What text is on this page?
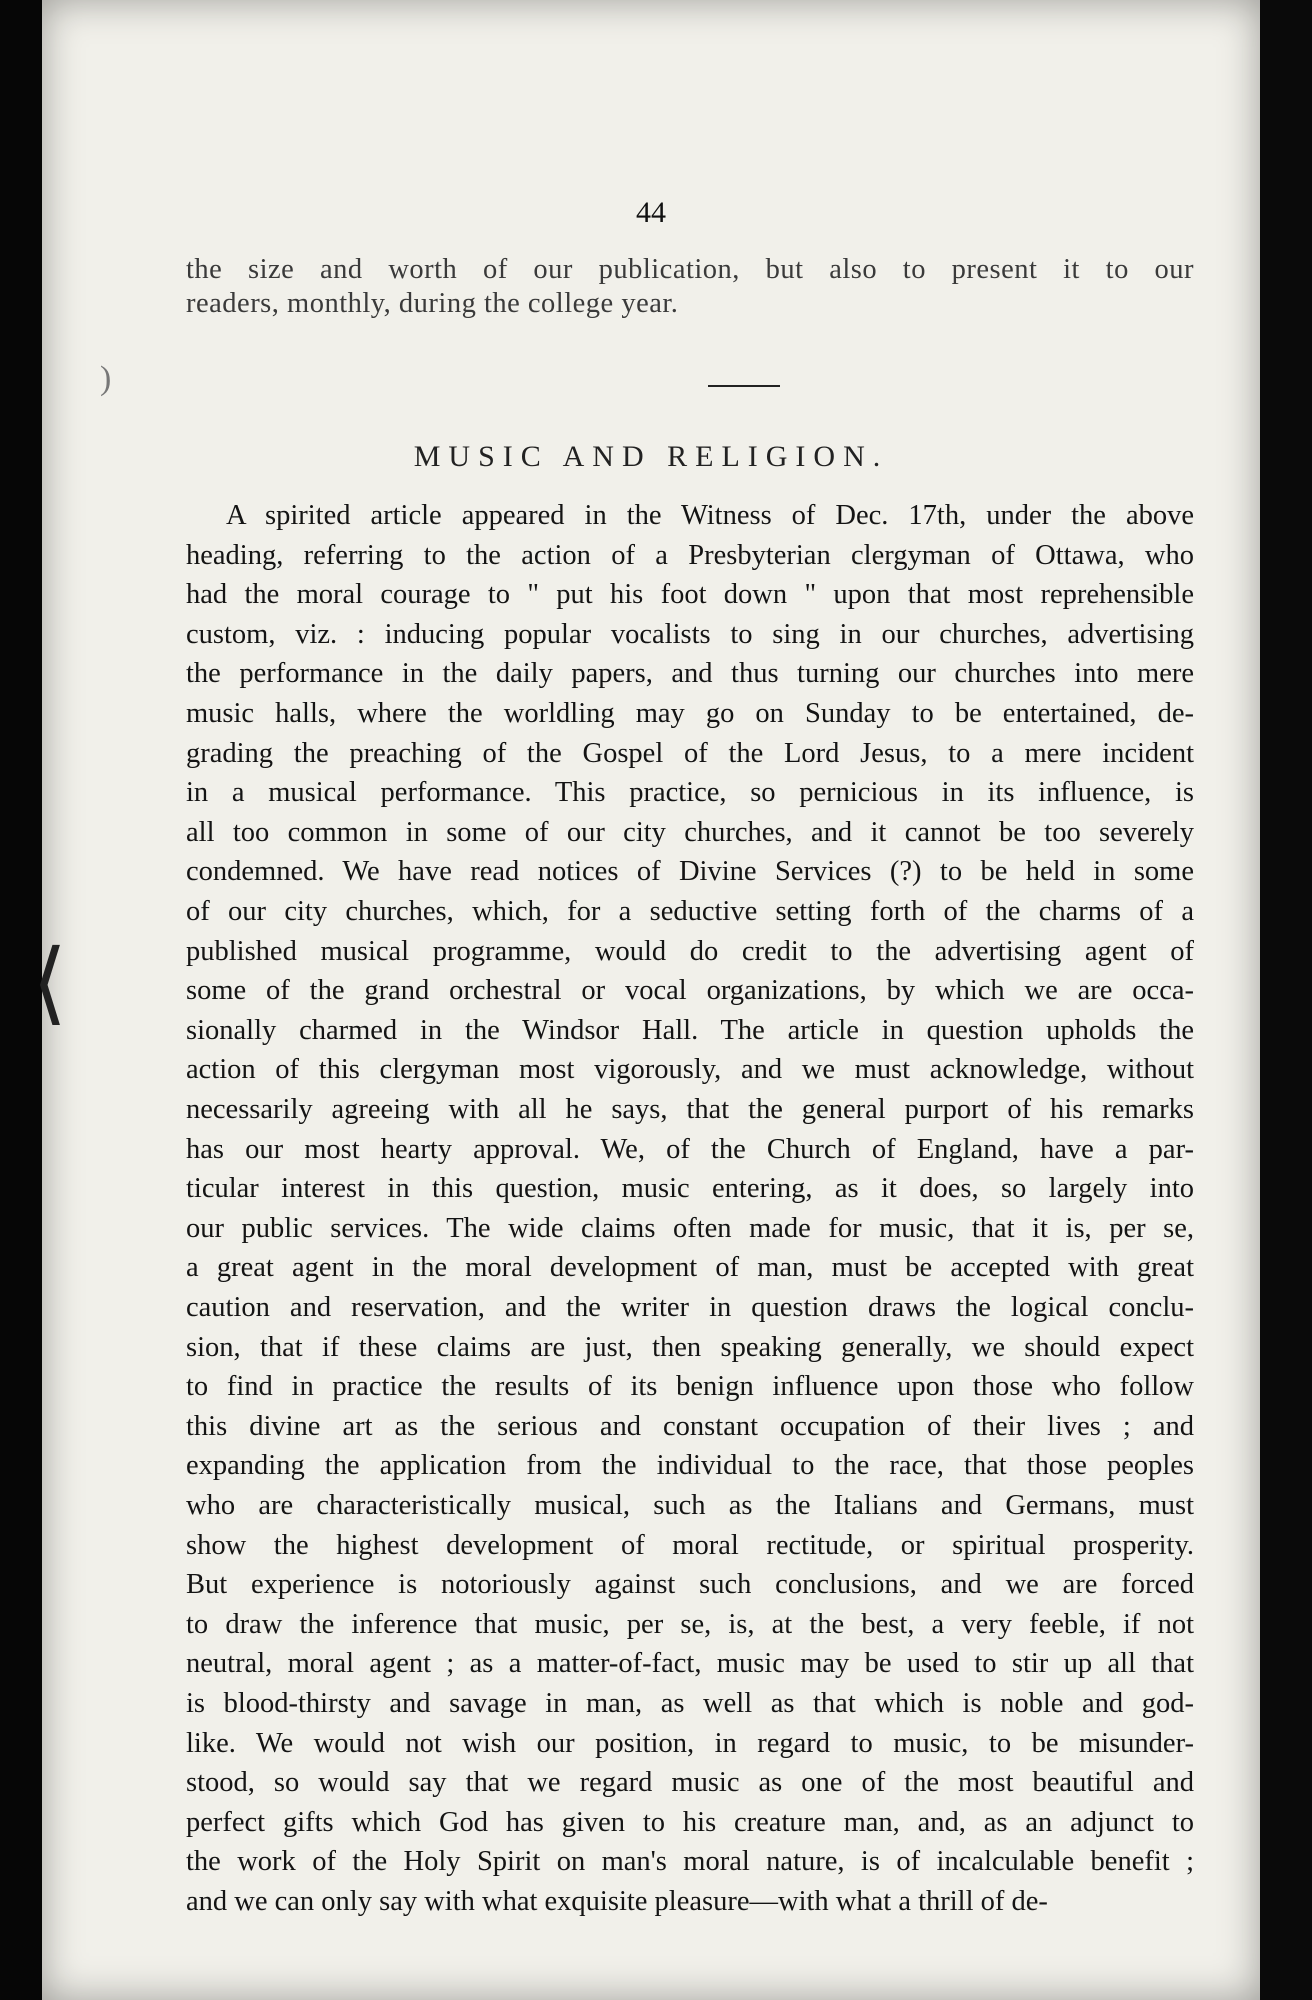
44
the size and worth of our publication, but also to present it to our
readers, monthly, during the college year.
MUSIC AND RELIGION.
A spirited article appeared in the Witness of Dec. 17th, under the above
heading, referring to the action of a Presbyterian clergyman of Ottawa, who
had the moral courage to " put his foot down " upon that most reprehensible
custom, viz. : inducing popular vocalists to sing in our churches, advertising
the performance in the daily papers, and thus turning our churches into mere
music halls, where the worldling may go on Sunday to be entertained, de-
grading the preaching of the Gospel of the Lord Jesus, to a mere incident
in a musical performance. This practice, so pernicious in its influence, is
all too common in some of our city churches, and it cannot be too severely
condemned. We have read notices of Divine Services (?) to be held in some
of our city churches, which, for a seductive setting forth of the charms of a
published musical programme, would do credit to the advertising agent of
some of the grand orchestral or vocal organizations, by which we are occa-
sionally charmed in the Windsor Hall. The article in question upholds the
action of this clergyman most vigorously, and we must acknowledge, without
necessarily agreeing with all he says, that the general purport of his remarks
has our most hearty approval. We, of the Church of England, have a par-
ticular interest in this question, music entering, as it does, so largely into
our public services. The wide claims often made for music, that it is, per se,
a great agent in the moral development of man, must be accepted with great
caution and reservation, and the writer in question draws the logical conclu-
sion, that if these claims are just, then speaking generally, we should expect
to find in practice the results of its benign influence upon those who follow
this divine art as the serious and constant occupation of their lives ; and
expanding the application from the individual to the race, that those peoples
who are characteristically musical, such as the Italians and Germans, must
show the highest development of moral rectitude, or spiritual prosperity.
But experience is notoriously against such conclusions, and we are forced
to draw the inference that music, per se, is, at the best, a very feeble, if not
neutral, moral agent ; as a matter-of-fact, music may be used to stir up all that
is blood-thirsty and savage in man, as well as that which is noble and god-
like. We would not wish our position, in regard to music, to be misunder-
stood, so would say that we regard music as one of the most beautiful and
perfect gifts which God has given to his creature man, and, as an adjunct to
the work of the Holy Spirit on man's moral nature, is of incalculable benefit ;
and we can only say with what exquisite pleasure—with what a thrill of de-
⟨
)
